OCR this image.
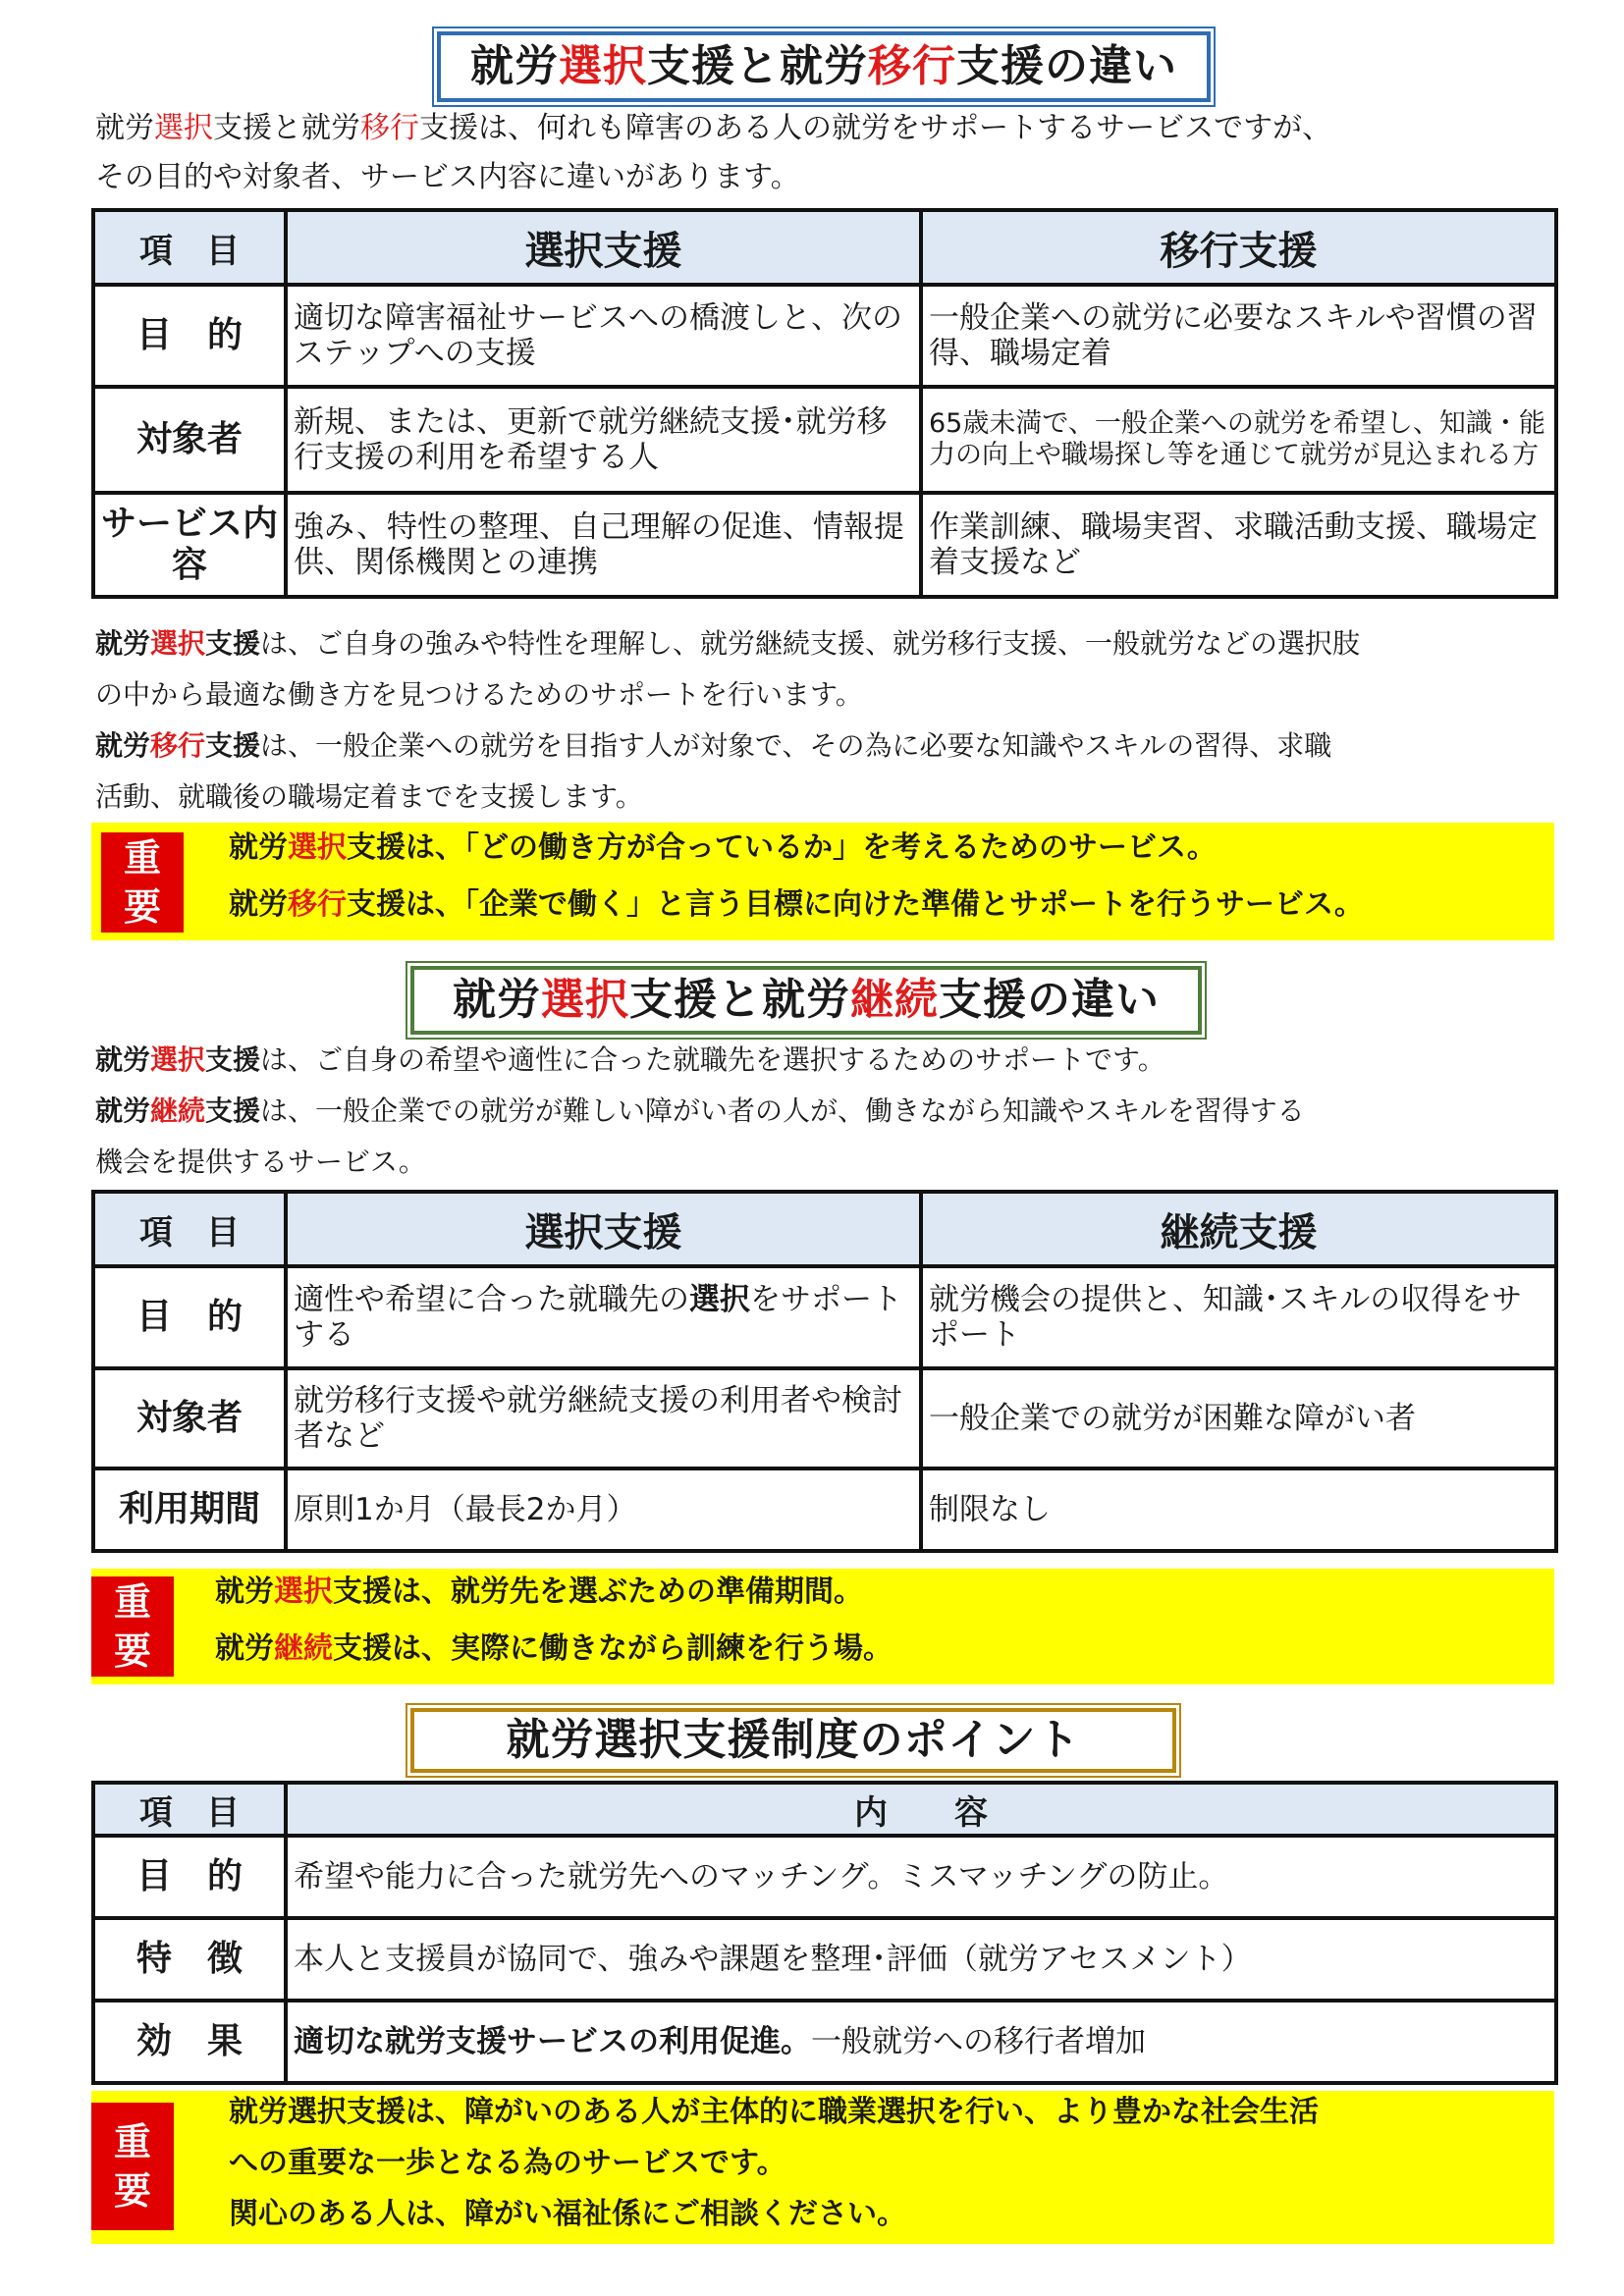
就労 選択 支援と就労 移行 支援の違い
就労選択支援と就労移行支援は、何れも障害のある人の就労をサポートするサービスですが、
その目的や対象者、サービス内容に違いがあります。
項　目	選択支援	移行支援
目　的	適切な障害福祉サービスへの橋渡しと、次のステップへの支援	一般企業への就労に必要なスキルや習慣の習得、職場定着
対象者	新規、または、更新で就労継続支援･就労移行支援の利用を希望する人	65歳未満で、一般企業への就労を希望し、知識・能力の向上や職場探し等を通じて就労が見込まれる方
サービス内容	強み、特性の整理、自己理解の促進、情報提供、関係機関との連携	作業訓練、職場実習、求職活動支援、職場定着支援など
就労選択支援は、ご自身の強みや特性を理解し、就労継続支援、就労移行支援、一般就労などの選択肢
の中から最適な働き方を見つけるためのサポートを行います。
就労移行支援は、一般企業への就労を目指す人が対象で、その為に必要な知識やスキルの習得、求職
活動、就職後の職場定着までを支援します。
重
要
就労選択支援は、「どの働き方が合っているか」を考えるためのサービス。
就労移行支援は、「企業で働く」と言う目標に向けた準備とサポートを行うサービス。
就労 選択 支援と就労 継続 支援の違い
就労選択支援は、ご自身の希望や適性に合った就職先を選択するためのサポートです。
就労継続支援は、一般企業での就労が難しい障がい者の人が、働きながら知識やスキルを習得する
機会を提供するサービス。
項　目	選択支援	継続支援
目　的	適性や希望に合った就職先の選択をサポートする	就労機会の提供と、知識･スキルの収得をサポート
対象者	就労移行支援や就労継続支援の利用者や検討者など	一般企業での就労が困難な障がい者
利用期間	原則1か月（最長2か月）	制限なし
重
要
就労選択支援は、就労先を選ぶための準備期間。
就労継続支援は、実際に働きながら訓練を行う場。
就労選択支援制度のポイント
項　目	内　　容
目　的	希望や能力に合った就労先へのマッチング。ミスマッチングの防止。
特　徴	本人と支援員が協同で、強みや課題を整理･評価（就労アセスメント）
効　果	適切な就労支援サービスの利用促進。一般就労への移行者増加
重
要
就労選択支援は、障がいのある人が主体的に職業選択を行い、より豊かな社会生活
への重要な一歩となる為のサービスです。
関心のある人は、障がい福祉係にご相談ください。
